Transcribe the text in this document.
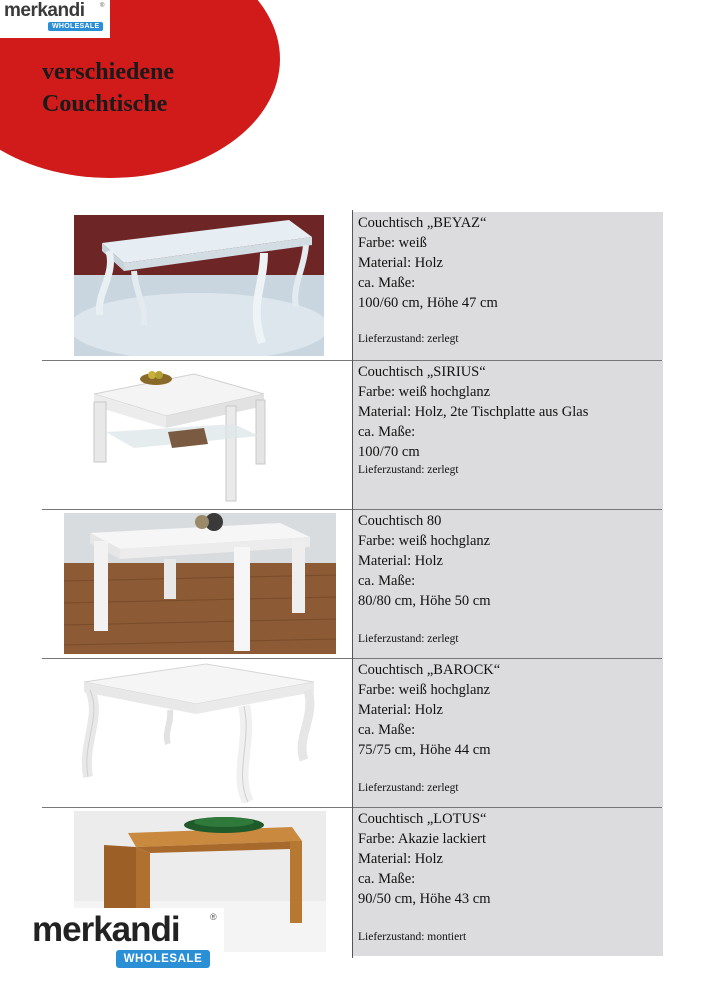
merkandi
WHOLESALE
®
verschiedene
Couchtische
Couchtisch „BEYAZ“
Farbe: weiß
Material: Holz
ca. Maße:
100/60 cm, Höhe 47 cm
Lieferzustand: zerlegt
Couchtisch „SIRIUS“
Farbe: weiß hochglanz
Material: Holz, 2te Tischplatte aus Glas
ca. Maße:
100/70 cm
Lieferzustand: zerlegt
Couchtisch 80
Farbe: weiß hochglanz
Material: Holz
ca. Maße:
80/80 cm, Höhe 50 cm
Lieferzustand: zerlegt
Couchtisch „BAROCK“
Farbe: weiß hochglanz
Material: Holz
ca. Maße:
75/75 cm, Höhe 44 cm
Lieferzustand: zerlegt
Couchtisch „LOTUS“
Farbe: Akazie lackiert
Material: Holz
ca. Maße:
90/50 cm, Höhe 43 cm
Lieferzustand: montiert
merkandi
WHOLESALE
®
